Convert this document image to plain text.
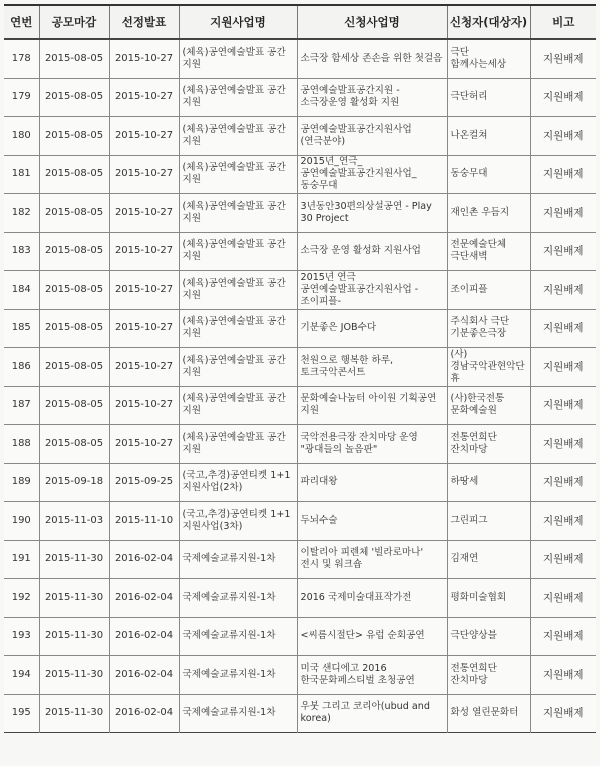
연번	공모마감	선정발표	지원사업명	신청사업명	신청자(대상자)	비고
178	2015-08-05	2015-10-27	(체육)공연예술발표 공간 지원	소극장 함세상 존손을 위한 첫걸음	극단 함께사는세상	지원배제
179	2015-08-05	2015-10-27	(체육)공연예술발표 공간 지원	공연예술발표공간지원 - 소극장운영 활성화 지원	극단허리	지원배제
180	2015-08-05	2015-10-27	(체육)공연예술발표 공간 지원	공연예술발표공간지원사업(연극분야)	나온컬쳐	지원배제
181	2015-08-05	2015-10-27	(체육)공연예술발표 공간 지원	2015년_연극_공연예술발표공간지원사업_동숭무대	동숭무대	지원배제
182	2015-08-05	2015-10-27	(체육)공연예술발표 공간 지원	3년동안30편의상설공연 - Play 30 Project	재인촌 우듬지	지원배제
183	2015-08-05	2015-10-27	(체육)공연예술발표 공간 지원	소극장 운영 활성화 지원사업	전문예술단체 극단새벽	지원배제
184	2015-08-05	2015-10-27	(체육)공연예술발표 공간 지원	2015년 연극 공연예술발표공간지원사업 -조이피플-	조이피플	지원배제
185	2015-08-05	2015-10-27	(체육)공연예술발표 공간 지원	기분좋은 JOB수다	주식회사 극단 기분좋은극장	지원배제
186	2015-08-05	2015-10-27	(체육)공연예술발표 공간 지원	천원으로 행복한 하루, 토크국악콘서트	(사)경남국악관현악단휴	지원배제
187	2015-08-05	2015-10-27	(체육)공연예술발표 공간 지원	문화예술나눔터 아이원 기획공연 지원	(사)한국전통 문화예술원	지원배제
188	2015-08-05	2015-10-27	(체육)공연예술발표 공간 지원	국악전용극장 잔치마당 운영 "광대들의 놀음판"	전통연희단 잔치마당	지원배제
189	2015-09-18	2015-09-25	(국고,추경)공연티켓 1+1 지원사업(2차)	파리대왕	하땅세	지원배제
190	2015-11-03	2015-11-10	(국고,추경)공연티켓 1+1 지원사업(3차)	두뇌수술	그린피그	지원배제
191	2015-11-30	2016-02-04	국제예술교류지원-1차	이탈리아 피렌체 '빌라로마나' 전시 및 워크숍	김재연	지원배제
192	2015-11-30	2016-02-04	국제예술교류지원-1차	2016 국제미술대표작가전	평화미술협회	지원배제
193	2015-11-30	2016-02-04	국제예술교류지원-1차	<씨름시절단> 유럽 순회공연	극단양상블	지원배제
194	2015-11-30	2016-02-04	국제예술교류지원-1차	미국 샌디에고 2016 한국문화페스티벌 초청공연	전통연희단 잔치마당	지원배제
195	2015-11-30	2016-02-04	국제예술교류지원-1차	우붓 그리고 코리아(ubud and korea)	화성 열린문화터	지원배제
